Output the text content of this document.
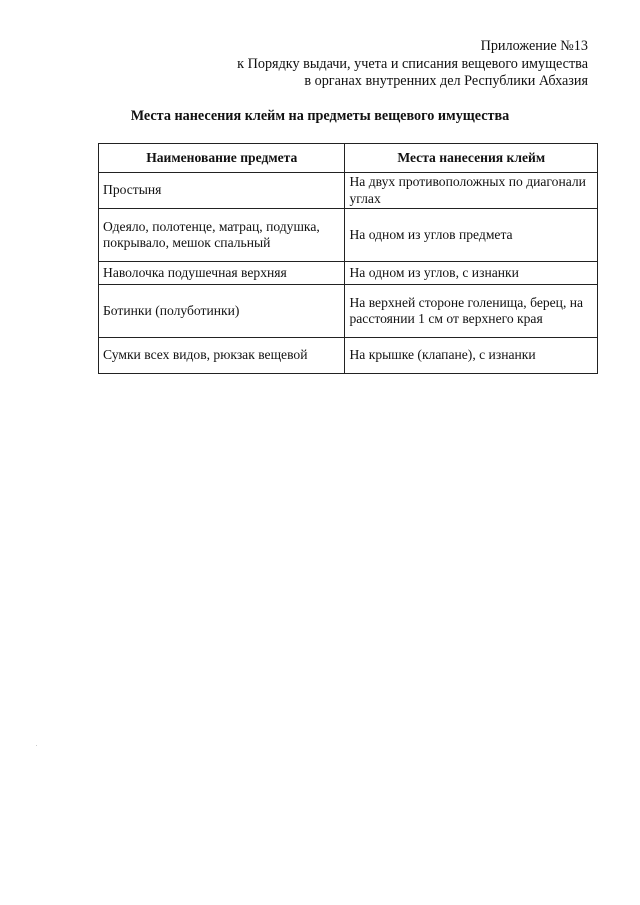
Приложение №13
к Порядку выдачи, учета и списания вещевого имущества
в органах внутренних дел Республики Абхазия
Места нанесения клейм на предметы вещевого имущества
Наименование предмета	Места нанесения клейм
Простыня	На двух противоположных по диагонали углах
Одеяло, полотенце, матрац, подушка, покрывало, мешок спальный	На одном из углов предмета
Наволочка подушечная верхняя	На одном из углов, с изнанки
Ботинки (полуботинки)	На верхней стороне голенища, берец, на расстоянии 1 см от верхнего края
Сумки всех видов, рюкзак вещевой	На крышке (клапане), с изнанки
